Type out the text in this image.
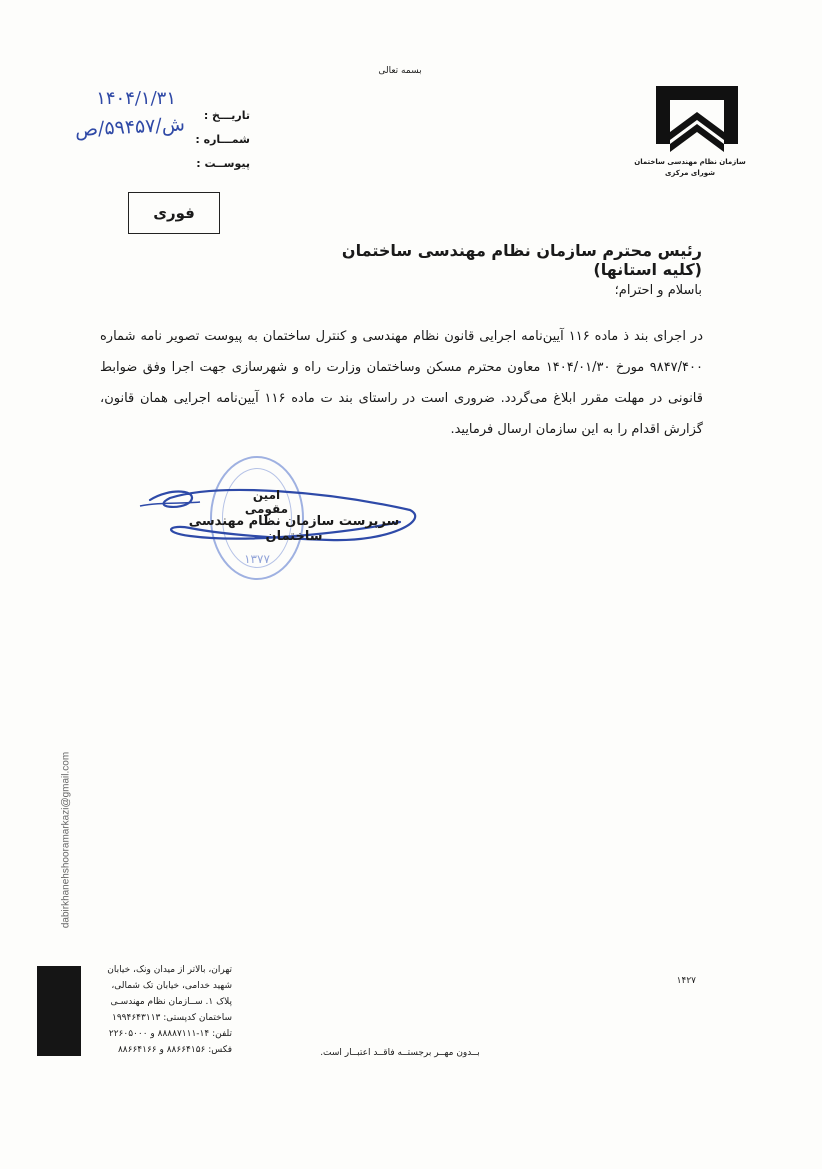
بسمه تعالی
سازمان نظام مهندسی ساختمان
شورای مرکزی
تاریـــخ :
شمـــاره :
پیوســت :
۱۴۰۴/۱/۳۱
ش/۵۹۴۵۷/ص
فوری
رئیس محترم سازمان نظام مهندسی ساختمان (کلیه استانها)
باسلام و احترام؛
در اجرای بند ذ ماده ۱۱۶ آیین‌نامه اجرایی قانون نظام مهندسی و کنترل ساختمان به پیوست تصویر نامه شماره ۹۸۴۷/۴۰۰ مورخ ۱۴۰۴/۰۱/۳۰ معاون محترم مسکن وساختمان وزارت راه و شهرسازی جهت اجرا وفق ضوابط قانونی در مهلت مقرر ابلاغ می‌گردد. ضروری است در راستای بند ت ماده ۱۱۶ آیین‌نامه اجرایی همان قانون، گزارش اقدام را به این سازمان ارسال فرمایید.
۱۳۷۷
امین مقومی
سرپرست سازمان نظام مهندسی ساختمان
dabirkhanehshooramarkazi@gmail.com
تهران، بالاتر از میدان ونک، خیابان
شهید خدامی، خیابان تک شمالی،
پلاک ۱. ســازمان نظام مهندسـی
ساختمان کدپستی: ۱۹۹۴۶۴۳۱۱۳
تلفن: ۱۴-۸۸۸۸۷۱۱۱ و ۲۲۶۰۵۰۰۰
فکس: ۸۸۶۶۴۱۵۶ و ۸۸۶۶۴۱۶۶
۱۴۲۷
بــدون مهــر برجستــه فاقــد اعتبــار است.
